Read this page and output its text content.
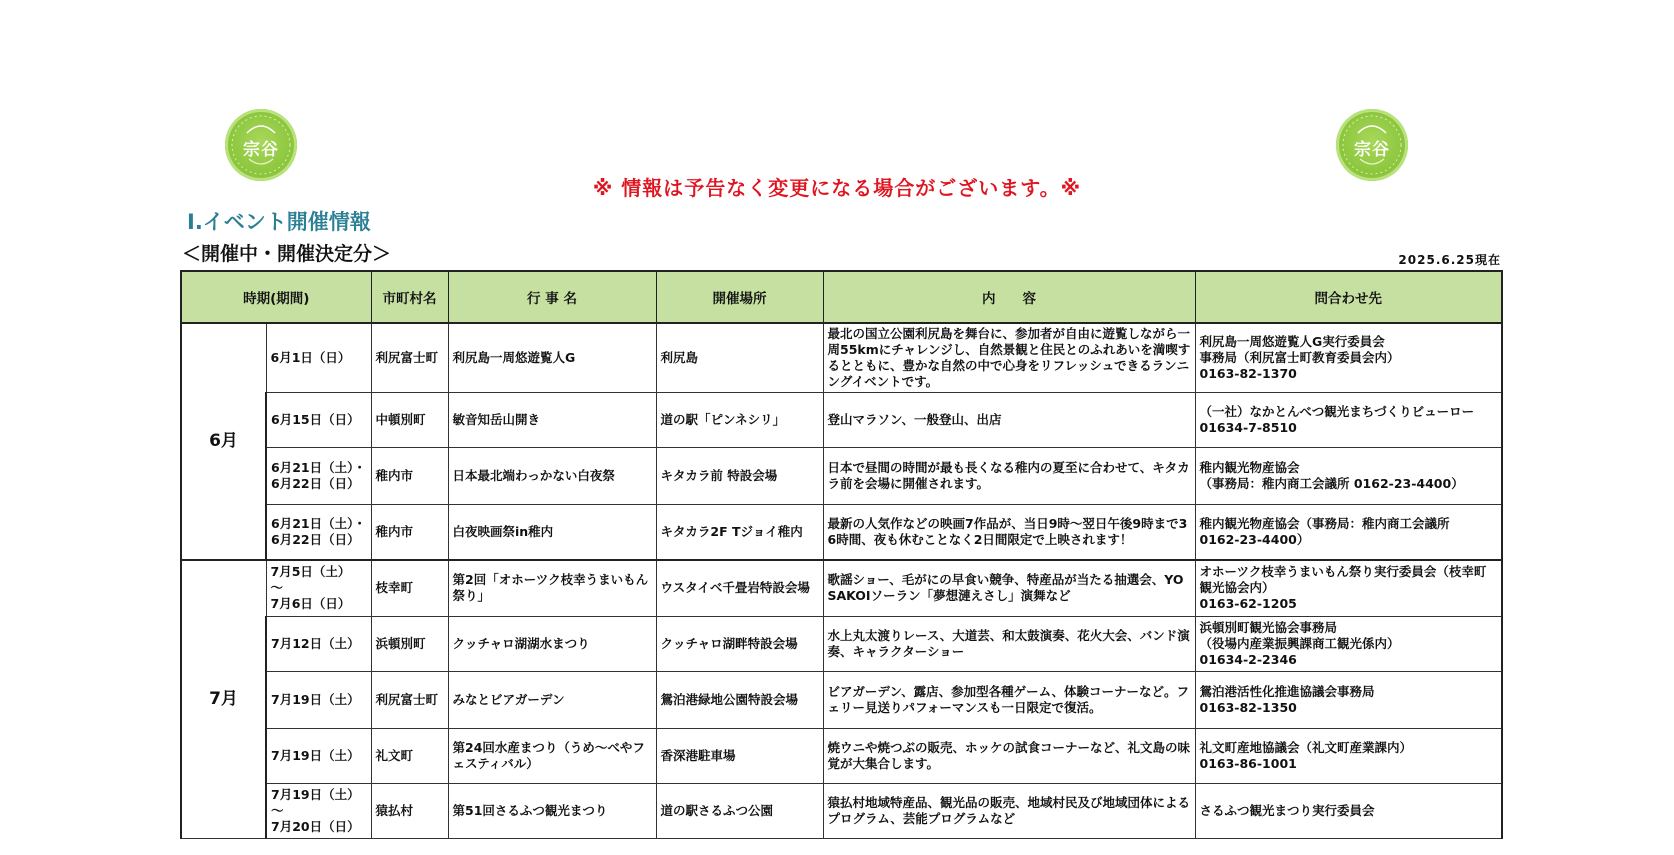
宗谷	宗谷
※ 情報は予告なく変更になる場合がございます。※
Ⅰ.イベント開催情報
＜開催中・開催決定分＞	2025.6.25現在
時期(期間)		市町村名	行 事 名	開催場所	内　　容	問合わせ先
6月	6月1日（日）	利尻富士町	利尻島一周悠遊覧人G	利尻島	最北の国立公園利尻島を舞台に、参加者が自由に遊覧しながら一周55kmにチャレンジし、自然景観と住民とのふれあいを満喫するとともに、豊かな自然の中で心身をリフレッシュできるランニングイベントです。	利尻島一周悠遊覧人G実行委員会
事務局（利尻富士町教育委員会内）
0163-82-1370
	6月15日（日）	中頓別町	敏音知岳山開き	道の駅「ピンネシリ」	登山マラソン、一般登山、出店	（一社）なかとんべつ観光まちづくりビューロー
01634-7-8510
	6月21日（土）・
6月22日（日）	稚内市	日本最北端わっかない白夜祭	キタカラ前 特設会場	日本で昼間の時間が最も長くなる稚内の夏至に合わせて、キタカラ前を会場に開催されます。	稚内観光物産協会
（事務局：稚内商工会議所 0162-23-4400）
	6月21日（土）・
6月22日（日）	稚内市	白夜映画祭in稚内	キタカラ2F Tジョイ稚内	最新の人気作などの映画7作品が、当日9時～翌日午後9時まで36時間、夜も休むことなく2日間限定で上映されます！	稚内観光物産協会（事務局：稚内商工会議所
0162-23-4400）
7月	7月5日（土）
～
7月6日（日）	枝幸町	第2回「オホーツク枝幸うまいもん祭り」	ウスタイベ千畳岩特設会場	歌謡ショー、毛がにの早食い競争、特産品が当たる抽選会、YOSAKOIソーラン「夢想漣えさし」演舞など	オホーツク枝幸うまいもん祭り実行委員会（枝幸町観光協会内）
0163-62-1205
	7月12日（土）	浜頓別町	クッチャロ湖湖水まつり	クッチャロ湖畔特設会場	水上丸太渡りレース、大道芸、和太鼓演奏、花火大会、バンド演奏、キャラクターショー	浜頓別町観光協会事務局
（役場内産業振興課商工観光係内）
01634-2-2346
	7月19日（土）	利尻富士町	みなとビアガーデン	鴛泊港緑地公園特設会場	ビアガーデン、露店、参加型各種ゲーム、体験コーナーなど。フェリー見送りパフォーマンスも一日限定で復活。	鴛泊港活性化推進協議会事務局
0163-82-1350
	7月19日（土）	礼文町	第24回水産まつり（うめ～べやフェスティバル）	香深港駐車場	焼ウニや焼つぶの販売、ホッケの試食コーナーなど、礼文島の味覚が大集合します。	礼文町産地協議会（礼文町産業課内）
0163-86-1001
	7月19日（土）～
7月20日（日）	猿払村	第51回さるふつ観光まつり	道の駅さるふつ公園	猿払村地域特産品、観光品の販売、地域村民及び地域団体によるプログラム、芸能プログラムなど	さるふつ観光まつり実行委員会
